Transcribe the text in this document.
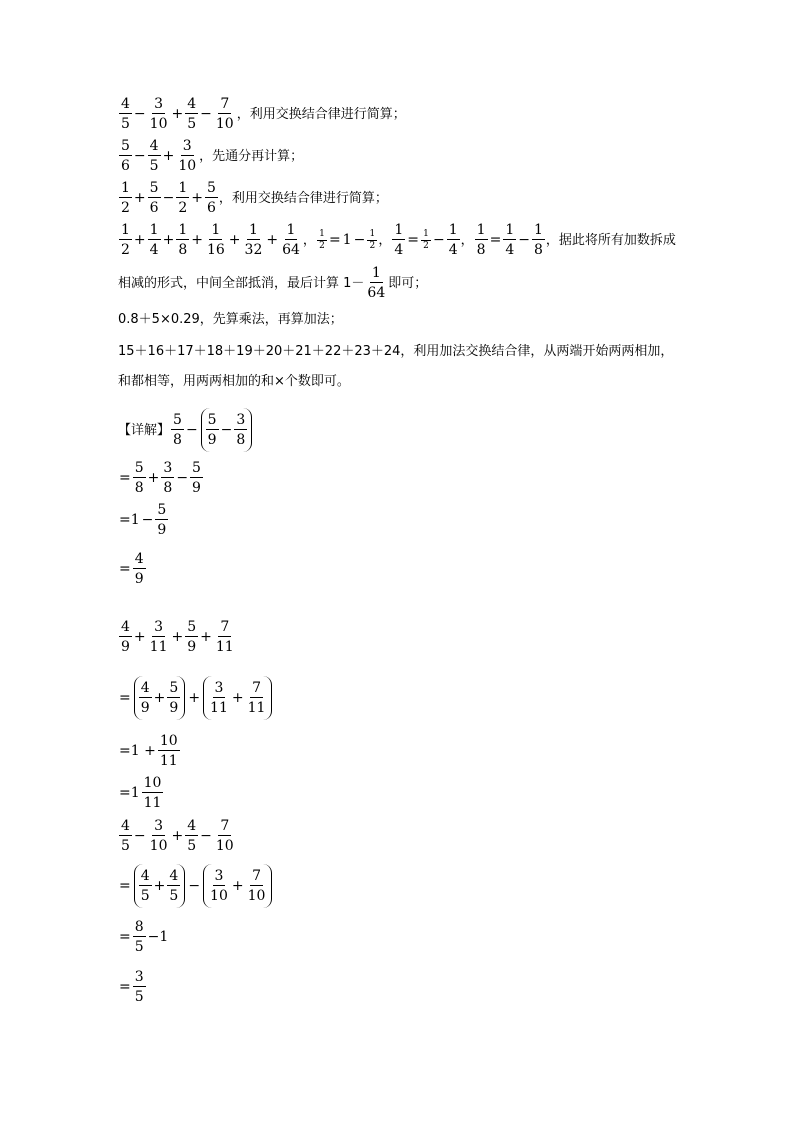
$\frac{4}{5} - \frac{3}{10} + \frac{4}{5} - \frac{7}{10}$ ，利用交换结合律进行简算；
$\frac{5}{6} - \frac{4}{5} + \frac{3}{10}$ ，先通分再计算；
$\frac{1}{2} + \frac{5}{6} - \frac{1}{2} + \frac{5}{6}$ ，利用交换结合律进行简算；
$\frac{1}{2} + \frac{1}{4} + \frac{1}{8} + \frac{1}{16} + \frac{1}{32} + \frac{1}{64}$ ， $\frac{1}{2} = 1 - \frac{1}{2}$ ， $\frac{1}{4} = \frac{1}{2} - \frac{1}{4}$ ， $\frac{1}{8} = \frac{1}{4} - \frac{1}{8}$ ，据此将所有加数拆成
相减的形式，中间全部抵消，最后计算 $1- \frac{1}{64}$ 即可；
0.8＋5×0.29，先算乘法，再算加法；
15＋16＋17＋18＋19＋20＋21＋22＋23＋24，利用加法交换结合律，从两端开始两两相加，
和都相等，用两两相加的和×个数即可。
【详解】 $\frac{5}{8} - \frac{5}{9} - \frac{3}{8}$
= $\frac{5}{8} + \frac{3}{8} - \frac{5}{9}$
$=1 - \frac{5}{9}$
= $\frac{4}{9}$
$\frac{4}{9} + \frac{3}{11} + \frac{5}{9} + \frac{7}{11}$
= $\frac{4}{9} + \frac{5}{9} + \frac{3}{11} + \frac{7}{11}$
$=1 + \frac{10}{11}$
$=1 \frac{10}{11}$
$\frac{4}{5} - \frac{3}{10} + \frac{4}{5} - \frac{7}{10}$
= $\frac{4}{5} + \frac{4}{5} - \frac{3}{10} + \frac{7}{10}$
= $\frac{8}{5} -1$
= $\frac{3}{5}$
